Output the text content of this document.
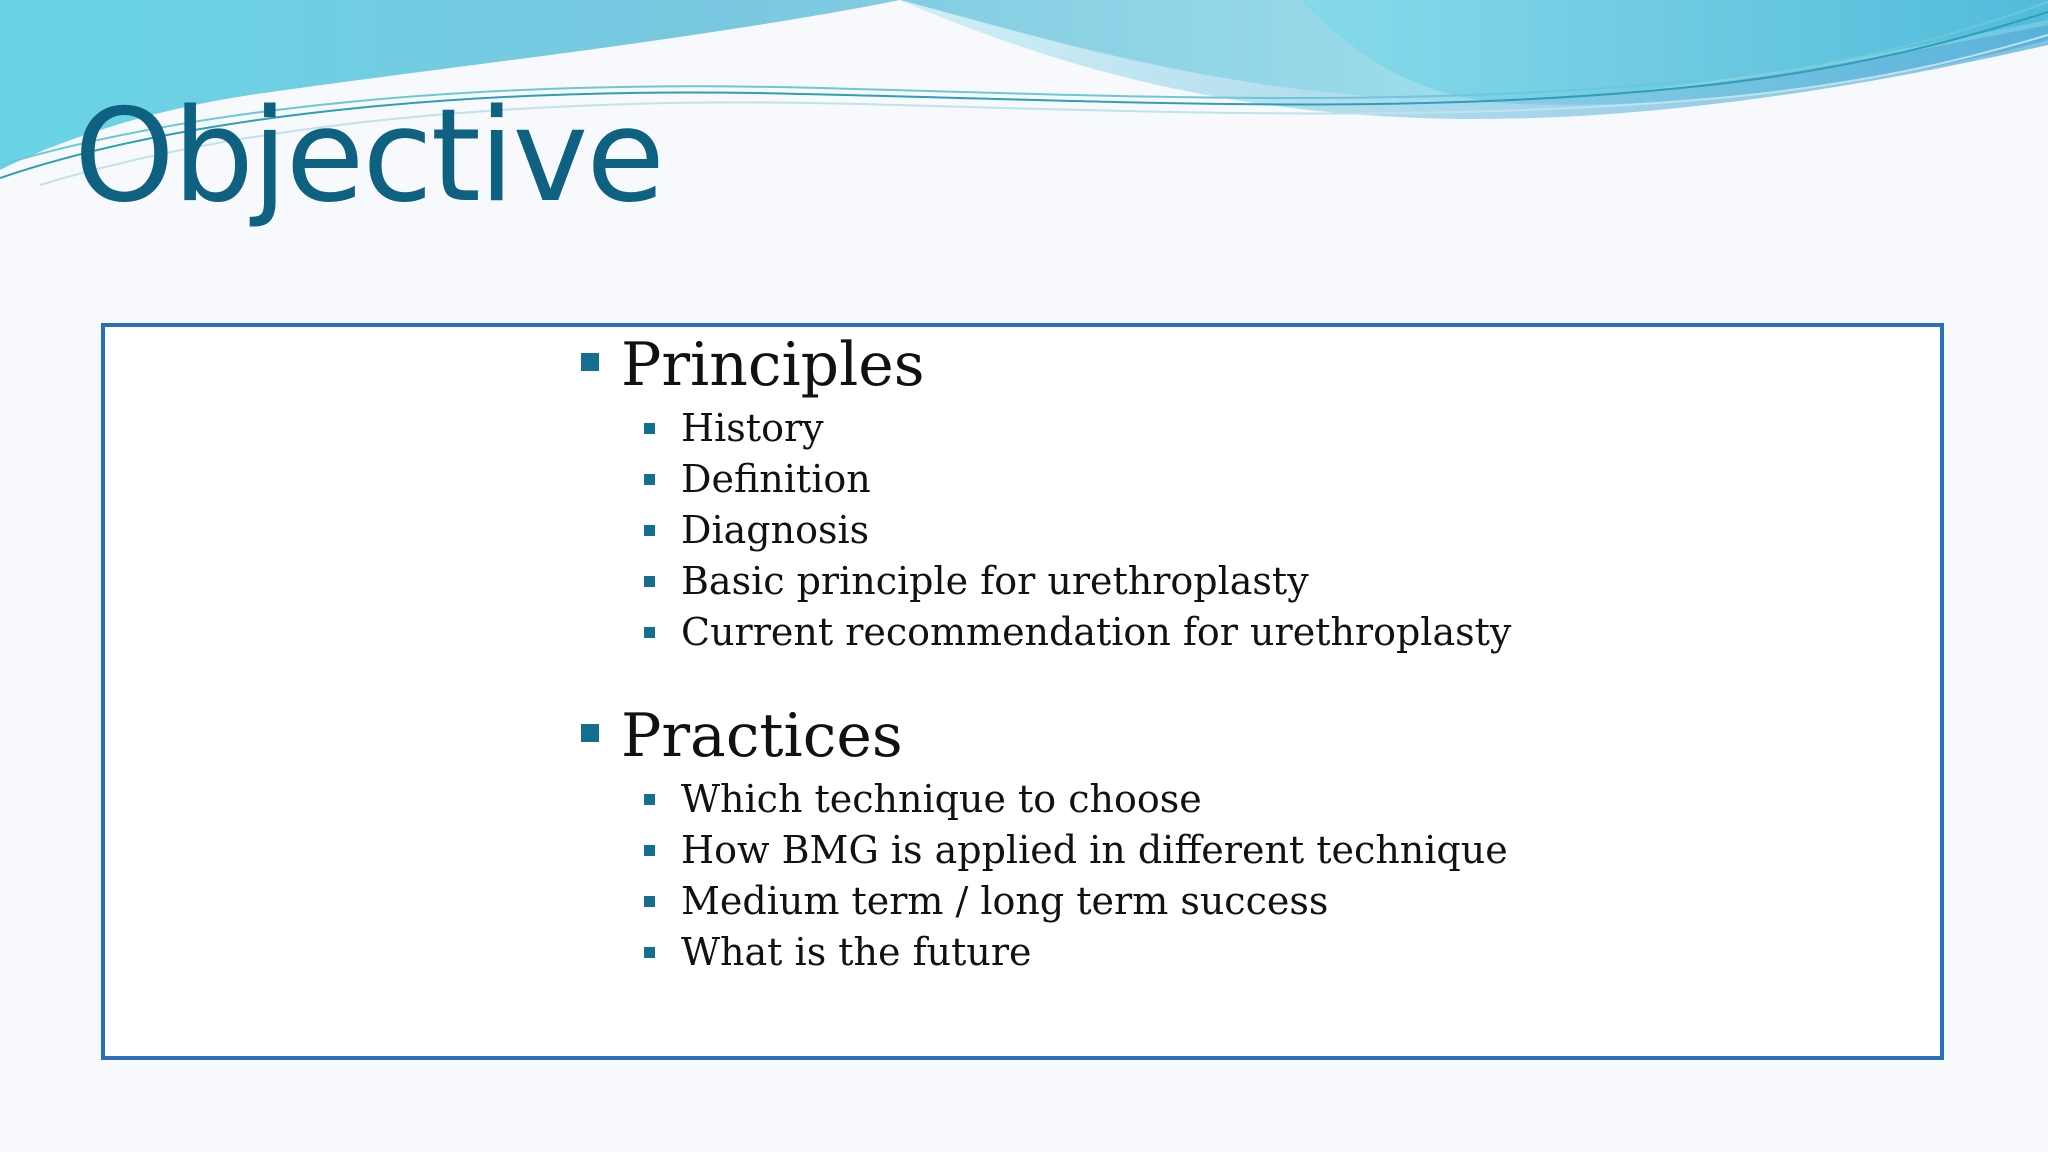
Objective
Principles
History
Definition
Diagnosis
Basic principle for urethroplasty
Current recommendation for urethroplasty
Practices
Which technique to choose
How BMG is applied in different technique
Medium term / long term success
What is the future
